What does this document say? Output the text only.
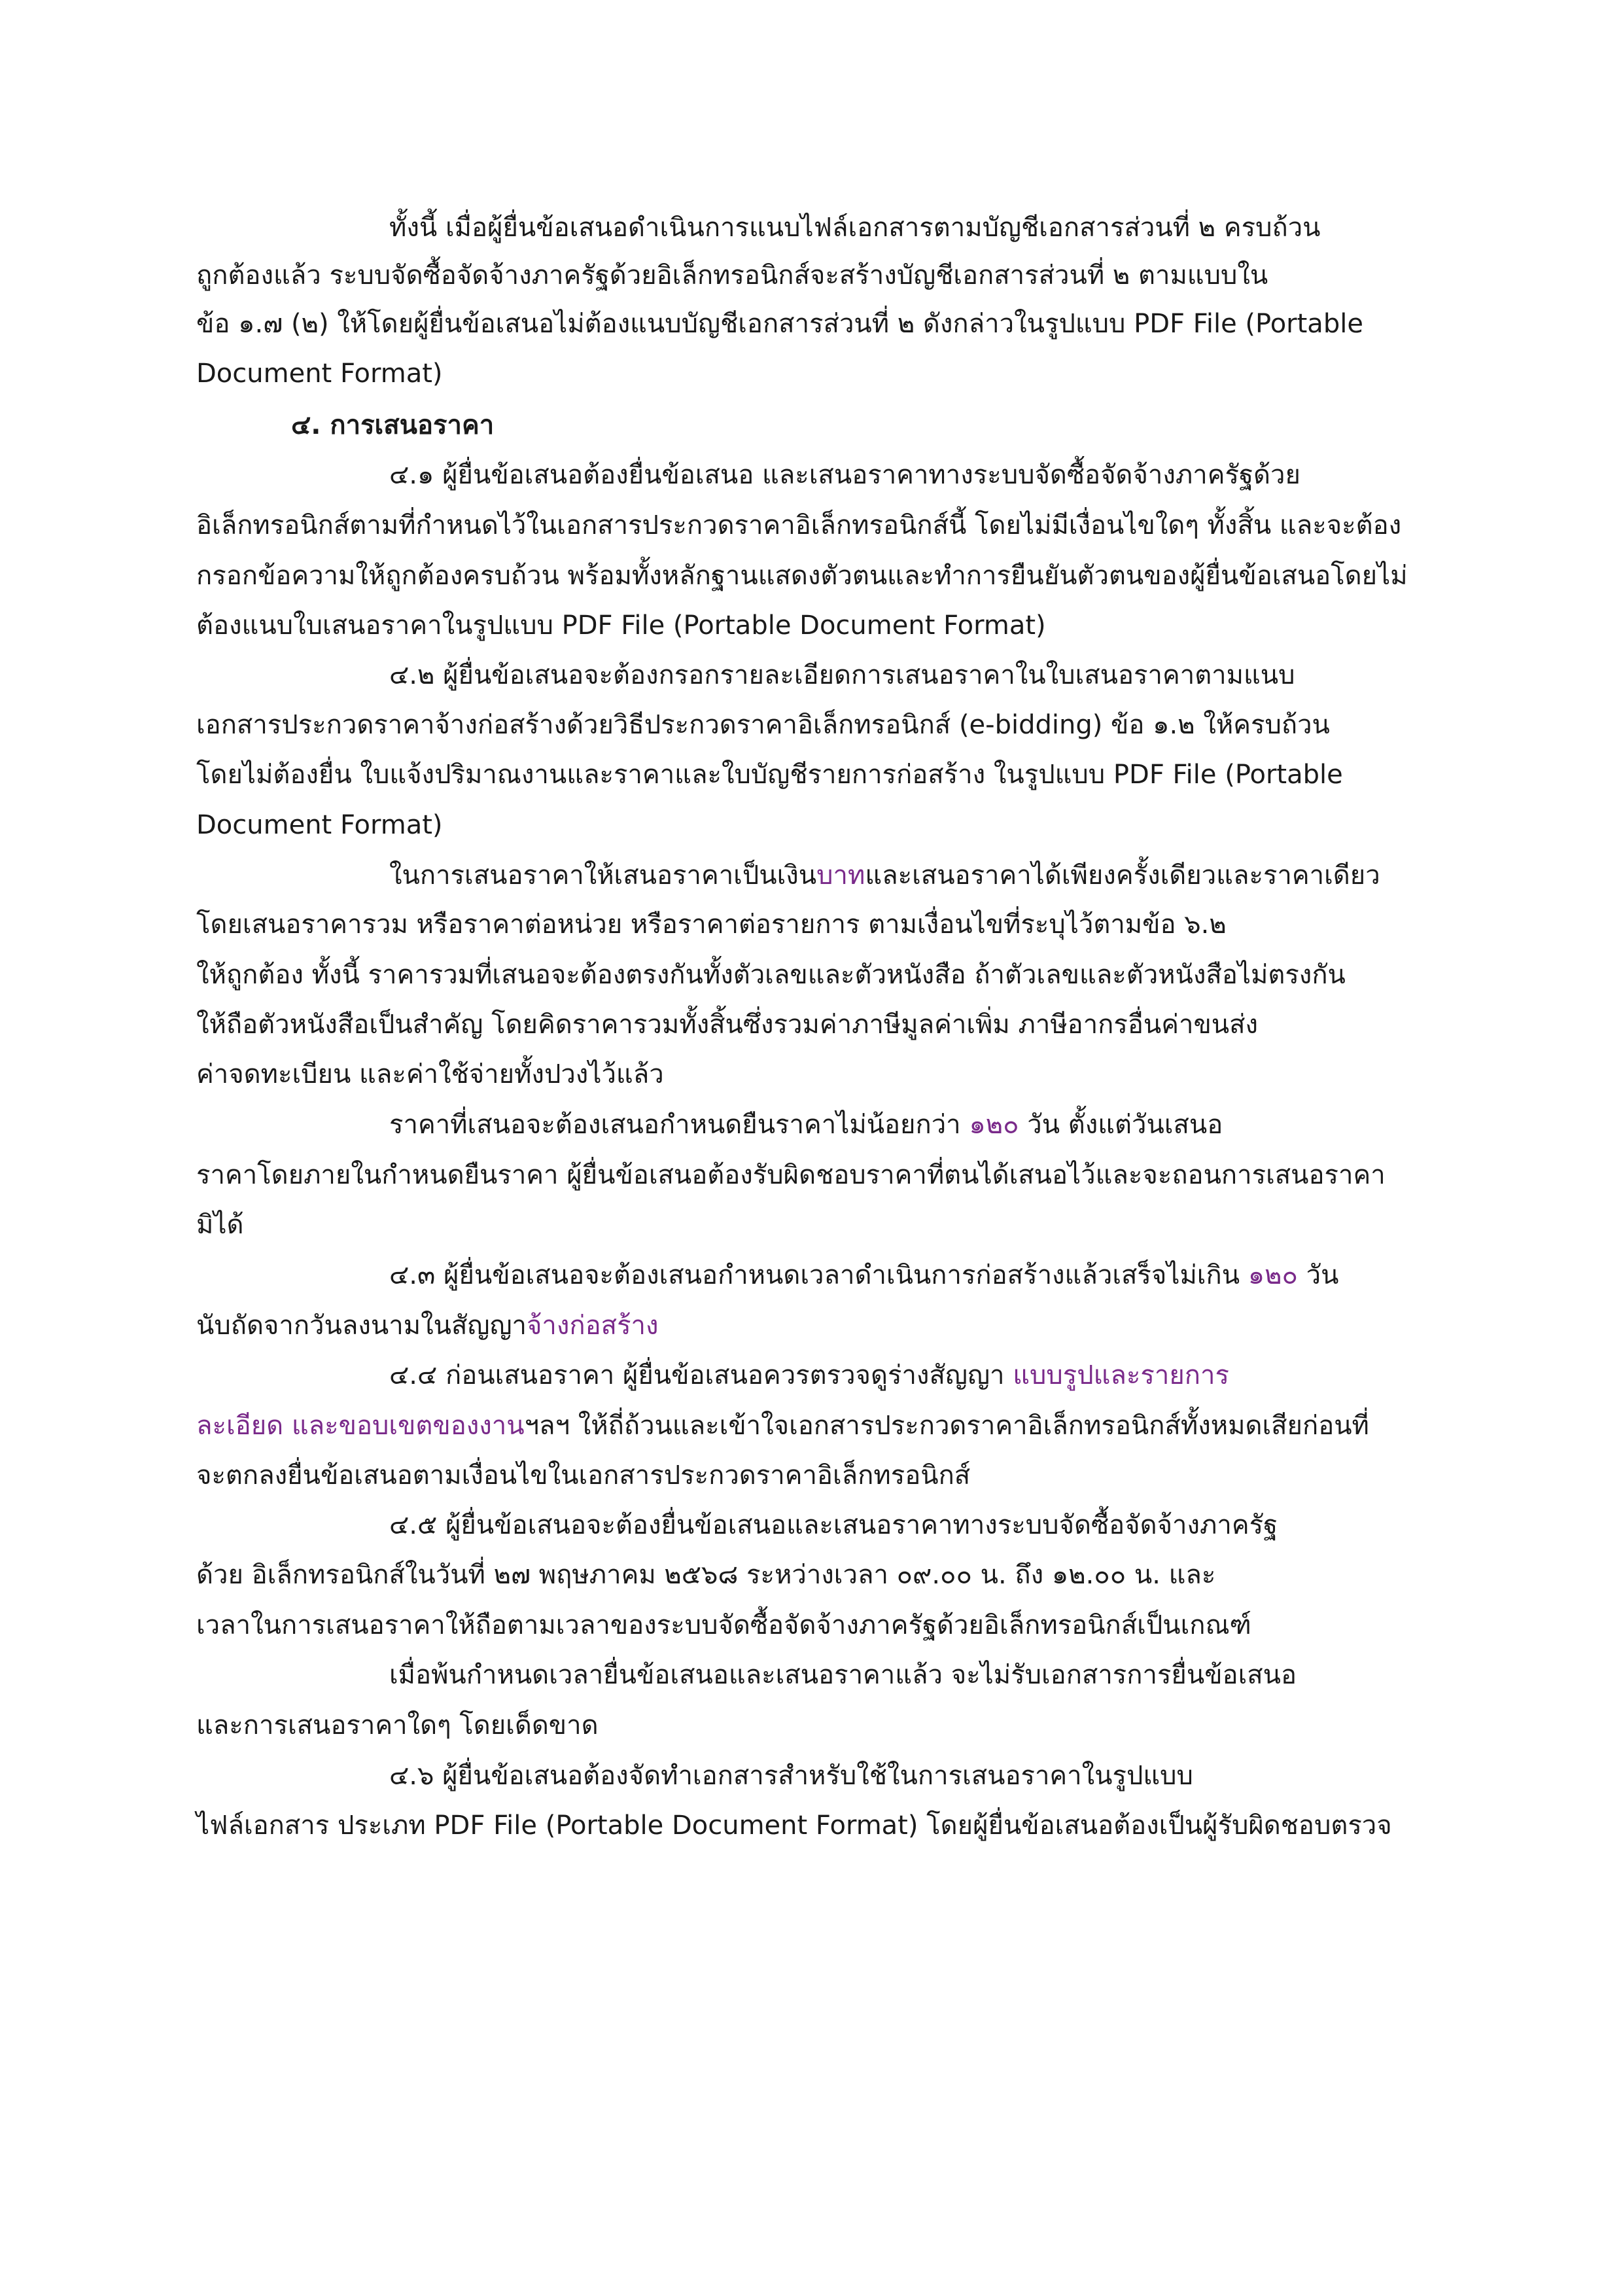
ทั้งนี้ เมื่อผู้ยื่นข้อเสนอดำเนินการแนบไฟล์เอกสารตามบัญชีเอกสารส่วนที่ ๒ ครบถ้วน
ถูกต้องแล้ว ระบบจัดซื้อจัดจ้างภาครัฐด้วยอิเล็กทรอนิกส์จะสร้างบัญชีเอกสารส่วนที่ ๒ ตามแบบใน
ข้อ ๑.๗ (๒) ให้โดยผู้ยื่นข้อเสนอไม่ต้องแนบบัญชีเอกสารส่วนที่ ๒ ดังกล่าวในรูปแบบ PDF File (Portable
Document Format)
๔. การเสนอราคา
๔.๑ ผู้ยื่นข้อเสนอต้องยื่นข้อเสนอ และเสนอราคาทางระบบจัดซื้อจัดจ้างภาครัฐด้วย
อิเล็กทรอนิกส์ตามที่กำหนดไว้ในเอกสารประกวดราคาอิเล็กทรอนิกส์นี้ โดยไม่มีเงื่อนไขใดๆ ทั้งสิ้น และจะต้อง
กรอกข้อความให้ถูกต้องครบถ้วน พร้อมทั้งหลักฐานแสดงตัวตนและทำการยืนยันตัวตนของผู้ยื่นข้อเสนอโดยไม่
ต้องแนบใบเสนอราคาในรูปแบบ PDF File (Portable Document Format)
๔.๒ ผู้ยื่นข้อเสนอจะต้องกรอกรายละเอียดการเสนอราคาในใบเสนอราคาตามแนบ
เอกสารประกวดราคาจ้างก่อสร้างด้วยวิธีประกวดราคาอิเล็กทรอนิกส์ (e-bidding) ข้อ ๑.๒ ให้ครบถ้วน
โดยไม่ต้องยื่น ใบแจ้งปริมาณงานและราคาและใบบัญชีรายการก่อสร้าง ในรูปแบบ PDF File (Portable
Document Format)
ในการเสนอราคาให้เสนอราคาเป็นเงินบาทและเสนอราคาได้เพียงครั้งเดียวและราคาเดียว
โดยเสนอราคารวม หรือราคาต่อหน่วย หรือราคาต่อรายการ ตามเงื่อนไขที่ระบุไว้ตามข้อ ๖.๒
ให้ถูกต้อง ทั้งนี้ ราคารวมที่เสนอจะต้องตรงกันทั้งตัวเลขและตัวหนังสือ ถ้าตัวเลขและตัวหนังสือไม่ตรงกัน
ให้ถือตัวหนังสือเป็นสำคัญ โดยคิดราคารวมทั้งสิ้นซึ่งรวมค่าภาษีมูลค่าเพิ่ม ภาษีอากรอื่นค่าขนส่ง
ค่าจดทะเบียน และค่าใช้จ่ายทั้งปวงไว้แล้ว
ราคาที่เสนอจะต้องเสนอกำหนดยืนราคาไม่น้อยกว่า ๑๒๐ วัน ตั้งแต่วันเสนอ
ราคาโดยภายในกำหนดยืนราคา ผู้ยื่นข้อเสนอต้องรับผิดชอบราคาที่ตนได้เสนอไว้และจะถอนการเสนอราคา
มิได้
๔.๓ ผู้ยื่นข้อเสนอจะต้องเสนอกำหนดเวลาดำเนินการก่อสร้างแล้วเสร็จไม่เกิน ๑๒๐ วัน
นับถัดจากวันลงนามในสัญญาจ้างก่อสร้าง
๔.๔ ก่อนเสนอราคา ผู้ยื่นข้อเสนอควรตรวจดูร่างสัญญา แบบรูปและรายการ
ละเอียด และขอบเขตของงานฯลฯ ให้ถี่ถ้วนและเข้าใจเอกสารประกวดราคาอิเล็กทรอนิกส์ทั้งหมดเสียก่อนที่
จะตกลงยื่นข้อเสนอตามเงื่อนไขในเอกสารประกวดราคาอิเล็กทรอนิกส์
๔.๕ ผู้ยื่นข้อเสนอจะต้องยื่นข้อเสนอและเสนอราคาทางระบบจัดซื้อจัดจ้างภาครัฐ
ด้วย อิเล็กทรอนิกส์ในวันที่ ๒๗ พฤษภาคม ๒๕๖๘ ระหว่างเวลา ๐๙.๐๐ น. ถึง ๑๒.๐๐ น. และ
เวลาในการเสนอราคาให้ถือตามเวลาของระบบจัดซื้อจัดจ้างภาครัฐด้วยอิเล็กทรอนิกส์เป็นเกณฑ์
เมื่อพ้นกำหนดเวลายื่นข้อเสนอและเสนอราคาแล้ว จะไม่รับเอกสารการยื่นข้อเสนอ
และการเสนอราคาใดๆ โดยเด็ดขาด
๔.๖ ผู้ยื่นข้อเสนอต้องจัดทำเอกสารสำหรับใช้ในการเสนอราคาในรูปแบบ
ไฟล์เอกสาร ประเภท PDF File (Portable Document Format) โดยผู้ยื่นข้อเสนอต้องเป็นผู้รับผิดชอบตรวจ
